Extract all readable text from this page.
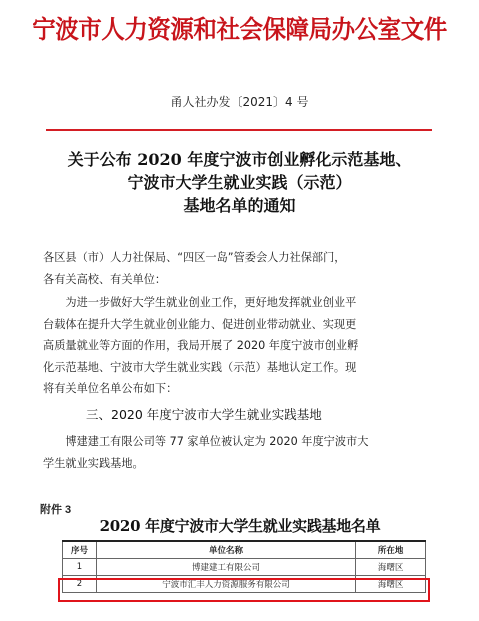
宁波市人力资源和社会保障局办公室文件
甬人社办发〔2021〕4 号
关于公布 2020 年度宁波市创业孵化示范基地、
宁波市大学生就业实践（示范）
基地名单的通知
各区县（市）人力社保局、“四区一岛”管委会人力社保部门，
各有关高校、有关单位：
　　为进一步做好大学生就业创业工作，更好地发挥就业创业平
台载体在提升大学生就业创业能力、促进创业带动就业、实现更
高质量就业等方面的作用，我局开展了 2020 年度宁波市创业孵
化示范基地、宁波市大学生就业实践（示范）基地认定工作。现
将有关单位名单公布如下：
三、2020 年度宁波市大学生就业实践基地
　　博建建工有限公司等 77 家单位被认定为 2020 年度宁波市大
学生就业实践基地。
附件 3
2020 年度宁波市大学生就业实践基地名单
序号	单位名称	所在地
1	博建建工有限公司	海曙区
2	宁波市汇丰人力资源服务有限公司	海曙区
